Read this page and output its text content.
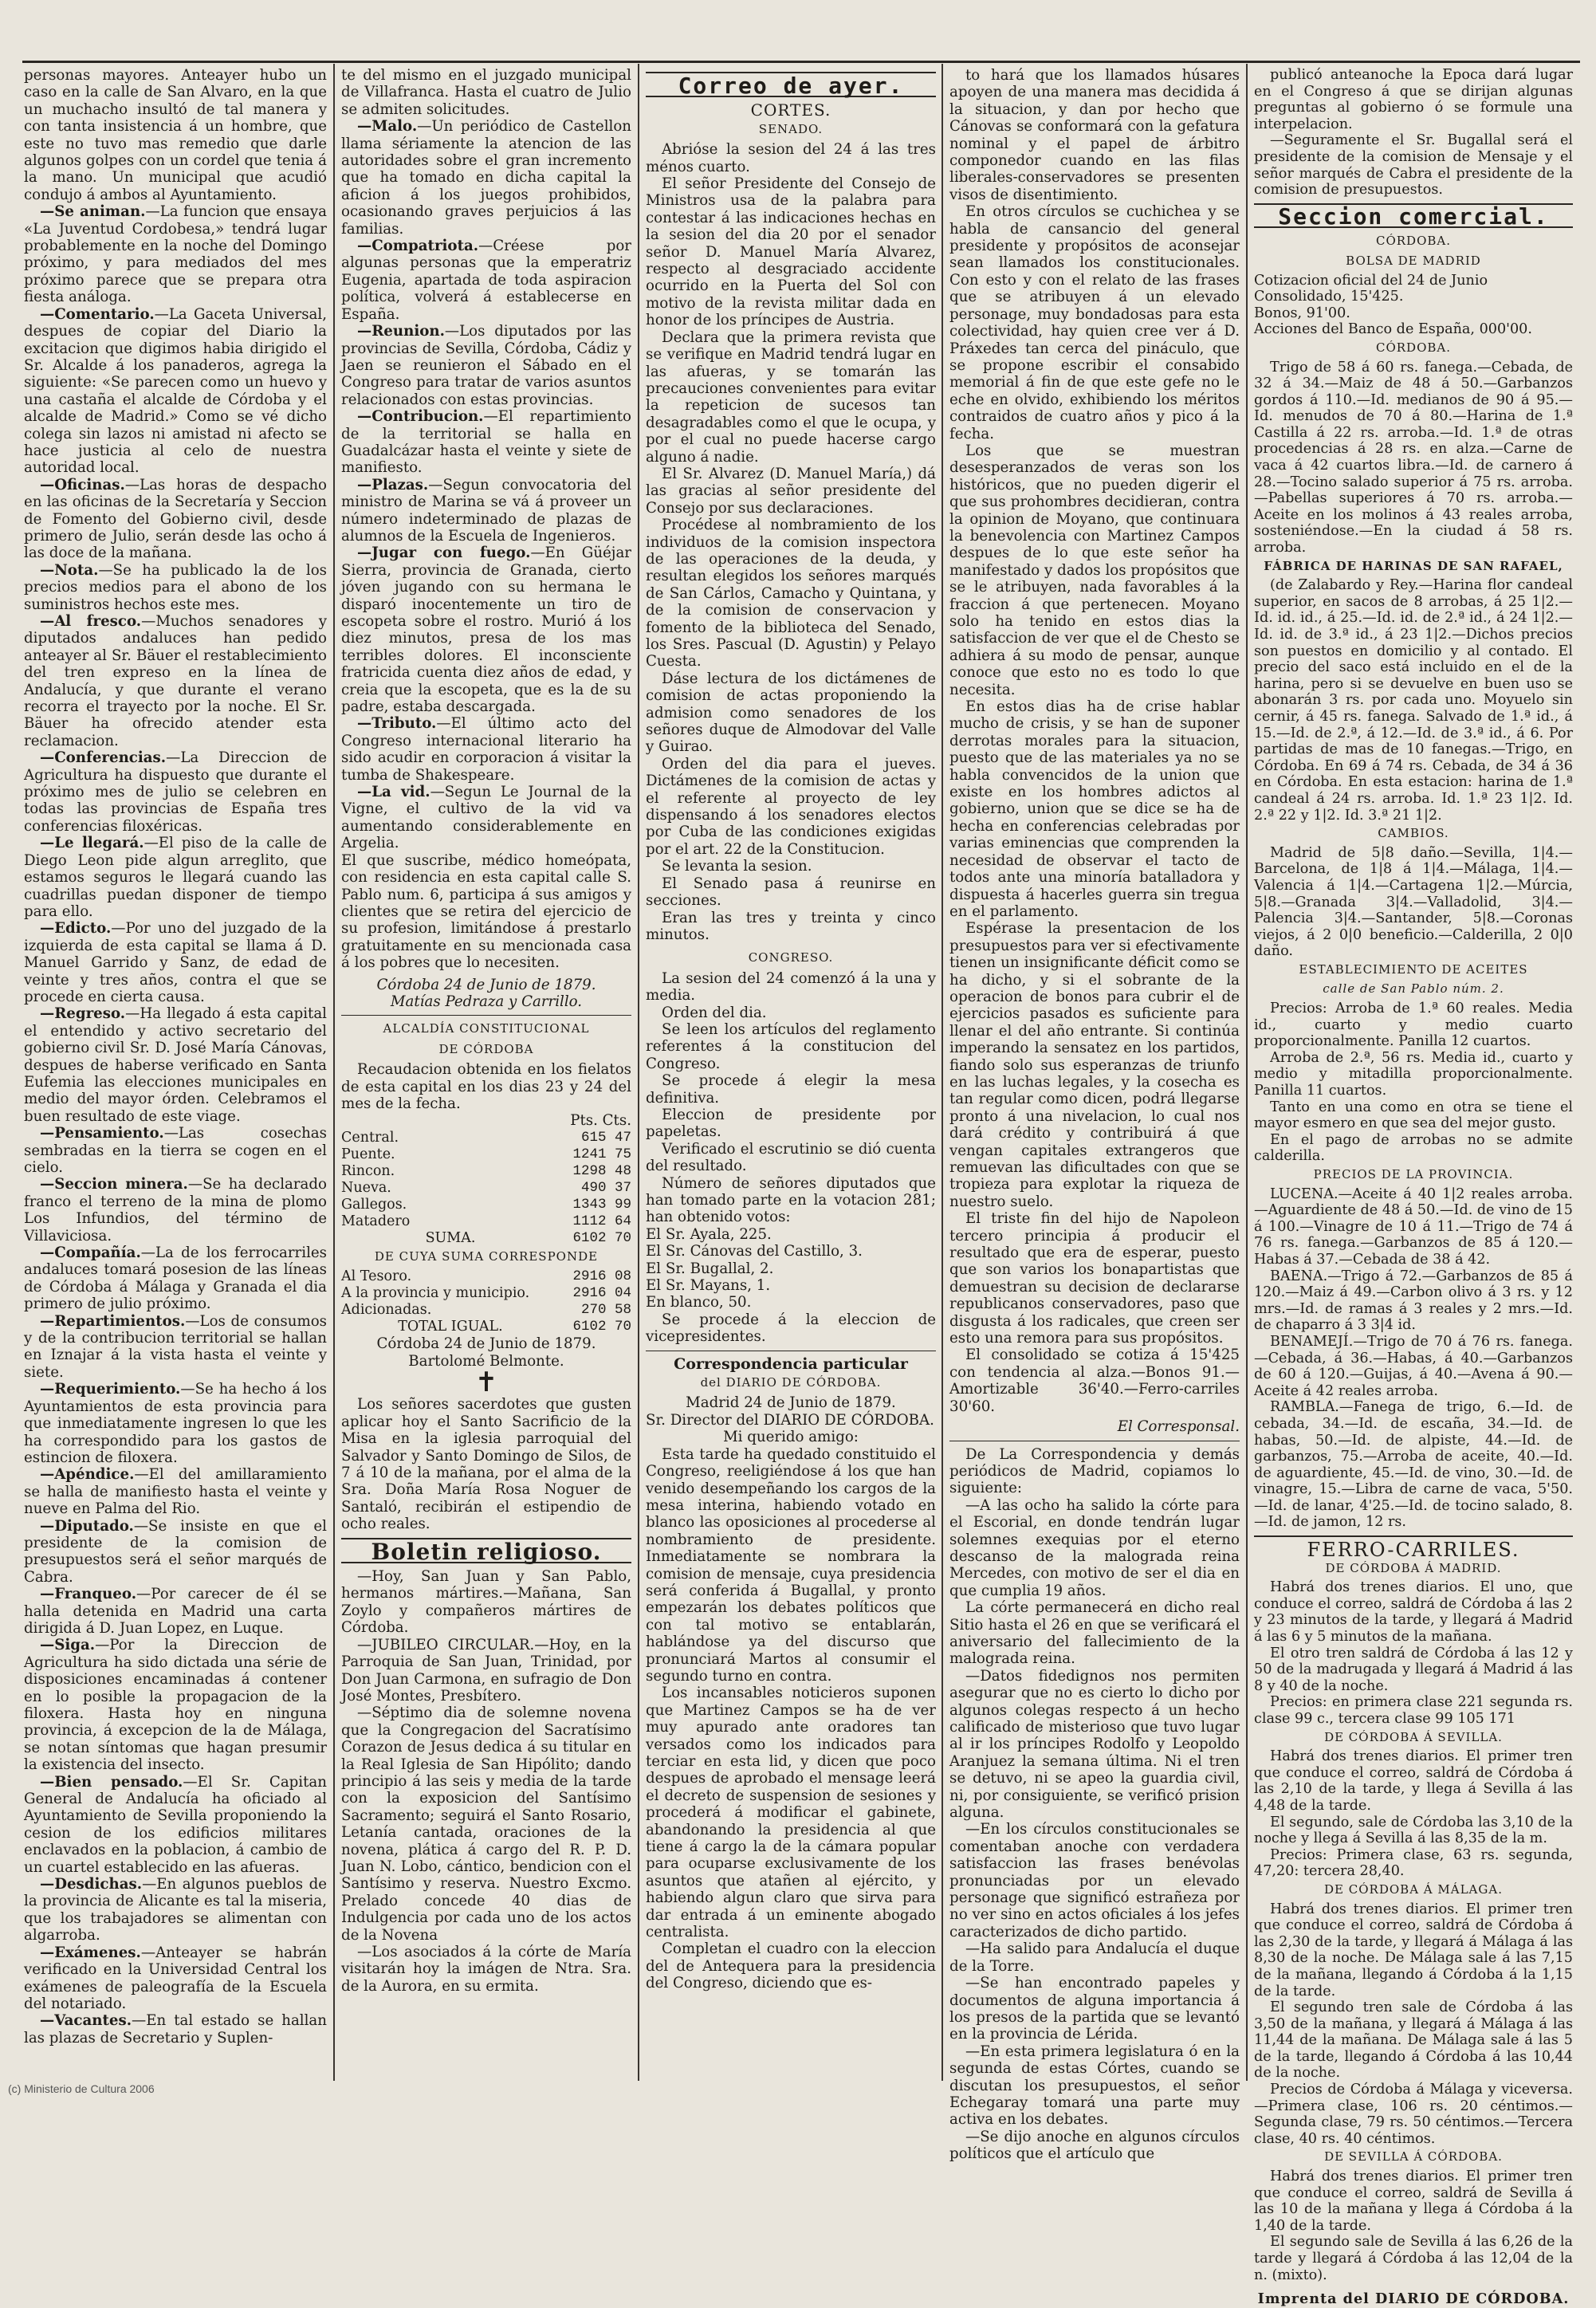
personas mayores. Anteayer hubo un caso en la calle de San Alvaro, en la que un muchacho insultó de tal manera y con tanta insistencia á un hombre, que este no tuvo mas remedio que darle algunos golpes con un cordel que tenia á la mano. Un municipal que acudió condujo á ambos al Ayuntamiento.

—Se animan.—La funcion que ensaya «La Juventud Cordobesa,» tendrá lugar probablemente en la noche del Domingo próximo, y para mediados del mes próximo parece que se prepara otra fiesta análoga.

—Comentario.—La Gaceta Universal, despues de copiar del Diario la excitacion que digimos habia dirigido el Sr. Alcalde á los panaderos, agrega la siguiente: «Se parecen como un huevo y una castaña el alcalde de Córdoba y el alcalde de Madrid.» Como se vé dicho colega sin lazos ni amistad ni afecto se hace justicia al celo de nuestra autoridad local.

—Oficinas.—Las horas de despacho en las oficinas de la Secretaría y Seccion de Fomento del Gobierno civil, desde primero de Julio, serán desde las ocho á las doce de la mañana.

—Nota.—Se ha publicado la de los precios medios para el abono de los suministros hechos este mes.

—Al fresco.—Muchos senadores y diputados andaluces han pedido anteayer al Sr. Bäuer el restablecimiento del tren expreso en la línea de Andalucía, y que durante el verano recorra el trayecto por la noche. El Sr. Bäuer ha ofrecido atender esta reclamacion.

—Conferencias.—La Direccion de Agricultura ha dispuesto que durante el próximo mes de julio se celebren en todas las provincias de España tres conferencias filoxéricas.

—Le llegará.—El piso de la calle de Diego Leon pide algun arreglito, que estamos seguros le llegará cuando las cuadrillas puedan disponer de tiempo para ello.

—Edicto.—Por uno del juzgado de la izquierda de esta capital se llama á D. Manuel Garrido y Sanz, de edad de veinte y tres años, contra el que se procede en cierta causa.

—Regreso.—Ha llegado á esta capital el entendido y activo secretario del gobierno civil Sr. D. José María Cánovas, despues de haberse verificado en Santa Eufemia las elecciones municipales en medio del mayor órden. Celebramos el buen resultado de este viage.

—Pensamiento.—Las cosechas sembradas en la tierra se cogen en el cielo.

—Seccion minera.—Se ha declarado franco el terreno de la mina de plomo Los Infundios, del término de Villaviciosa.

—Compañía.—La de los ferrocarriles andaluces tomará posesion de las líneas de Córdoba á Málaga y Granada el dia primero de julio próximo.

—Repartimientos.—Los de consumos y de la contribucion territorial se hallan en Iznajar á la vista hasta el veinte y siete.

—Requerimiento.—Se ha hecho á los Ayuntamientos de esta provincia para que inmediatamente ingresen lo que les ha correspondido para los gastos de estincion de filoxera.

—Apéndice.—El del amillaramiento se halla de manifiesto hasta el veinte y nueve en Palma del Rio.

—Diputado.—Se insiste en que el presidente de la comision de presupuestos será el señor marqués de Cabra.

—Franqueo.—Por carecer de él se halla detenida en Madrid una carta dirigida á D. Juan Lopez, en Luque.

—Siga.—Por la Direccion de Agricultura ha sido dictada una série de disposiciones encaminadas á contener en lo posible la propagacion de la filoxera. Hasta hoy en ninguna provincia, á excepcion de la de Málaga, se notan síntomas que hagan presumir la existencia del insecto.

—Bien pensado.—El Sr. Capitan General de Andalucía ha oficiado al Ayuntamiento de Sevilla proponiendo la cesion de los edificios militares enclavados en la poblacion, á cambio de un cuartel establecido en las afueras.

—Desdichas.—En algunos pueblos de la provincia de Alicante es tal la miseria, que los trabajadores se alimentan con algarroba.

—Exámenes.—Anteayer se habrán verificado en la Universidad Central los exámenes de paleografía de la Escuela del notariado.

—Vacantes.—En tal estado se hallan las plazas de Secretario y Suplen-

te del mismo en el juzgado municipal de Villafranca. Hasta el cuatro de Julio se admiten solicitudes.

—Malo.—Un periódico de Castellon llama sériamente la atencion de las autoridades sobre el gran incremento que ha tomado en dicha capital la aficion á los juegos prohibidos, ocasionando graves perjuicios á las familias.

—Compatriota.—Créese por algunas personas que la emperatriz Eugenia, apartada de toda aspiracion política, volverá á establecerse en España.

—Reunion.—Los diputados por las provincias de Sevilla, Córdoba, Cádiz y Jaen se reunieron el Sábado en el Congreso para tratar de varios asuntos relacionados con estas provincias.

—Contribucion.—El repartimiento de la territorial se halla en Guadalcázar hasta el veinte y siete de manifiesto.

—Plazas.—Segun convocatoria del ministro de Marina se vá á proveer un número indeterminado de plazas de alumnos de la Escuela de Ingenieros.

—Jugar con fuego.—En Güéjar Sierra, provincia de Granada, cierto jóven jugando con su hermana le disparó inocentemente un tiro de escopeta sobre el rostro. Murió á los diez minutos, presa de los mas terribles dolores. El inconsciente fratricida cuenta diez años de edad, y creia que la escopeta, que es la de su padre, estaba descargada.

—Tributo.—El último acto del Congreso internacional literario ha sido acudir en corporacion á visitar la tumba de Shakespeare.

—La vid.—Segun Le Journal de la Vigne, el cultivo de la vid va aumentando considerablemente en Argelia.

El que suscribe, médico homeópata, con residencia en esta capital calle S. Pablo num. 6, participa á sus amigos y clientes que se retira del ejercicio de su profesion, limitándose á prestarlo gratuitamente en su mencionada casa á los pobres que lo necesiten.

Córdoba 24 de Junio de 1879.

Matías Pedraza y Carrillo.

ALCALDÍA CONSTITUCIONAL
DE CÓRDOBA

Recaudacion obtenida en los fielatos de esta capital en los dias 23 y 24 del mes de la fecha.

Pts. Cts.

Central.	615 47
Puente.	1241 75
Rincon.	1298 48
Nueva.	490 37
Gallegos.	1343 99
Matadero	1112 64
SUMA.	6102 70
DE CUYA SUMA CORRESPONDE
Al Tesoro.	2916 08
A la provincia y municipio.	2916 04
Adicionadas.	270 58
TOTAL IGUAL.	6102 70

Córdoba 24 de Junio de 1879.

Bartolomé Belmonte.

✝

Los señores sacerdotes que gusten aplicar hoy el Santo Sacrificio de la Misa en la iglesia parroquial del Salvador y Santo Domingo de Silos, de 7 á 10 de la mañana, por el alma de la Sra. Doña María Rosa Noguer de Santaló, recibirán el estipendio de ocho reales.

Boletin religioso.

—Hoy, San Juan y San Pablo, hermanos mártires.—Mañana, San Zoylo y compañeros mártires de Córdoba.

—JUBILEO CIRCULAR.—Hoy, en la Parroquia de San Juan, Trinidad, por Don Juan Carmona, en sufragio de Don José Montes, Presbítero.

—Séptimo dia de solemne novena que la Congregacion del Sacratísimo Corazon de Jesus dedica á su titular en la Real Iglesia de San Hipólito; dando principio á las seis y media de la tarde con la exposicion del Santísimo Sacramento; seguirá el Santo Rosario, Letanía cantada, oraciones de la novena, plática á cargo del R. P. D. Juan N. Lobo, cántico, bendicion con el Santísimo y reserva. Nuestro Excmo. Prelado concede 40 dias de Indulgencia por cada uno de los actos de la Novena

—Los asociados á la córte de María visitarán hoy la imágen de Ntra. Sra. de la Aurora, en su ermita.

Correo de ayer.
CORTES.
SENADO.

Abrióse la sesion del 24 á las tres ménos cuarto.

El señor Presidente del Consejo de Ministros usa de la palabra para contestar á las indicaciones hechas en la sesion del dia 20 por el senador señor D. Manuel María Alvarez, respecto al desgraciado accidente ocurrido en la Puerta del Sol con motivo de la revista militar dada en honor de los príncipes de Austria.

Declara que la primera revista que se verifique en Madrid tendrá lugar en las afueras, y se tomarán las precauciones convenientes para evitar la repeticion de sucesos tan desagradables como el que le ocupa, y por el cual no puede hacerse cargo alguno á nadie.

El Sr. Alvarez (D. Manuel María,) dá las gracias al señor presidente del Consejo por sus declaraciones.

Procédese al nombramiento de los individuos de la comision inspectora de las operaciones de la deuda, y resultan elegidos los señores marqués de San Cárlos, Camacho y Quintana, y de la comision de conservacion y fomento de la biblioteca del Senado, los Sres. Pascual (D. Agustin) y Pelayo Cuesta.

Dáse lectura de los dictámenes de comision de actas proponiendo la admision como senadores de los señores duque de Almodovar del Valle y Guirao.

Orden del dia para el jueves. Dictámenes de la comision de actas y el referente al proyecto de ley dispensando á los senadores electos por Cuba de las condiciones exigidas por el art. 22 de la Constitucion.

Se levanta la sesion.

El Senado pasa á reunirse en secciones.

Eran las tres y treinta y cinco minutos.

CONGRESO.

La sesion del 24 comenzó á la una y media.

Orden del dia.

Se leen los artículos del reglamento referentes á la constitucion del Congreso.

Se procede á elegir la mesa definitiva.

Eleccion de presidente por papeletas.

Verificado el escrutinio se dió cuenta del resultado.

Número de señores diputados que han tomado parte en la votacion 281; han obtenido votos:

El Sr. Ayala, 225.

El Sr. Cánovas del Castillo, 3.

El Sr. Bugallal, 2.

El Sr. Mayans, 1.

En blanco, 50.

Se procede á la eleccion de vicepresidentes.

Correspondencia particular
del DIARIO DE CÓRDOBA.

Madrid 24 de Junio de 1879.

Sr. Director del DIARIO DE CÓRDOBA.

Mi querido amigo:

Esta tarde ha quedado constituido el Congreso, reeligiéndose á los que han venido desempeñando los cargos de la mesa interina, habiendo votado en blanco las oposiciones al procederse al nombramiento de presidente. Inmediatamente se nombrara la comision de mensaje, cuya presidencia será conferida á Bugallal, y pronto empezarán los debates políticos que con tal motivo se entablarán, hablándose ya del discurso que pronunciará Martos al consumir el segundo turno en contra.

Los incansables noticieros suponen que Martinez Campos se ha de ver muy apurado ante oradores tan versados como los indicados para terciar en esta lid, y dicen que poco despues de aprobado el mensage leerá el decreto de suspension de sesiones y procederá á modificar el gabinete, abandonando la presidencia al que tiene á cargo la de la cámara popular para ocuparse exclusivamente de los asuntos que atañen al ejército, y habiendo algun claro que sirva para dar entrada á un eminente abogado centralista.

Completan el cuadro con la eleccion del de Antequera para la presidencia del Congreso, diciendo que es-

to hará que los llamados húsares apoyen de una manera mas decidida á la situacion, y dan por hecho que Cánovas se conformará con la gefatura nominal y el papel de árbitro componedor cuando en las filas liberales-conservadores se presenten visos de disentimiento.

En otros círculos se cuchichea y se habla de cansancio del general presidente y propósitos de aconsejar sean llamados los constitucionales. Con esto y con el relato de las frases que se atribuyen á un elevado personage, muy bondadosas para esta colectividad, hay quien cree ver á D. Práxedes tan cerca del pináculo, que se propone escribir el consabido memorial á fin de que este gefe no le eche en olvido, exhibiendo los méritos contraidos de cuatro años y pico á la fecha.

Los que se muestran desesperanzados de veras son los históricos, que no pueden digerir el que sus prohombres decidieran, contra la opinion de Moyano, que continuara la benevolencia con Martinez Campos despues de lo que este señor ha manifestado y dados los propósitos que se le atribuyen, nada favorables á la fraccion á que pertenecen. Moyano solo ha tenido en estos dias la satisfaccion de ver que el de Chesto se adhiera á su modo de pensar, aunque conoce que esto no es todo lo que necesita.

En estos dias ha de crise hablar mucho de crisis, y se han de suponer derrotas morales para la situacion, puesto que de las materiales ya no se habla convencidos de la union que existe en los hombres adictos al gobierno, union que se dice se ha de hecha en conferencias celebradas por varias eminencias que comprenden la necesidad de observar el tacto de todos ante una minoría batalladora y dispuesta á hacerles guerra sin tregua en el parlamento.

Espérase la presentacion de los presupuestos para ver si efectivamente tienen un insignificante déficit como se ha dicho, y si el sobrante de la operacion de bonos para cubrir el de ejercicios pasados es suficiente para llenar el del año entrante. Si continúa imperando la sensatez en los partidos, fiando solo sus esperanzas de triunfo en las luchas legales, y la cosecha es tan regular como dicen, podrá llegarse pronto á una nivelacion, lo cual nos dará crédito y contribuirá á que vengan capitales extrangeros que remuevan las dificultades con que se tropieza para explotar la riqueza de nuestro suelo.

El triste fin del hijo de Napoleon tercero principia á producir el resultado que era de esperar, puesto que son varios los bonapartistas que demuestran su decision de declararse republicanos conservadores, paso que disgusta á los radicales, que creen ser esto una remora para sus propósitos.

El consolidado se cotiza á 15'425 con tendencia al alza.—Bonos 91.—Amortizable 36'40.—Ferro-carriles 30'60.

El Corresponsal.

De La Correspondencia y demás periódicos de Madrid, copiamos lo siguiente:

—A las ocho ha salido la córte para el Escorial, en donde tendrán lugar solemnes exequias por el eterno descanso de la malograda reina Mercedes, con motivo de ser el dia en que cumplia 19 años.

La córte permanecerá en dicho real Sitio hasta el 26 en que se verificará el aniversario del fallecimiento de la malograda reina.

—Datos fidedignos nos permiten asegurar que no es cierto lo dicho por algunos colegas respecto á un hecho calificado de misterioso que tuvo lugar al ir los príncipes Rodolfo y Leopoldo Aranjuez la semana última. Ni el tren se detuvo, ni se apeo la guardia civil, ni, por consiguiente, se verificó prision alguna.

—En los círculos constitucionales se comentaban anoche con verdadera satisfaccion las frases benévolas pronunciadas por un elevado personage que significó estrañeza por no ver sino en actos oficiales á los jefes caracterizados de dicho partido.

—Ha salido para Andalucía el duque de la Torre.

—Se han encontrado papeles y documentos de alguna importancia á los presos de la partida que se levantó en la provincia de Lérida.

—En esta primera legislatura ó en la segunda de estas Córtes, cuando se discutan los presupuestos, el señor Echegaray tomará una parte muy activa en los debates.

—Se dijo anoche en algunos círculos políticos que el artículo que

publicó anteanoche la Epoca dará lugar en el Congreso á que se dirijan algunas preguntas al gobierno ó se formule una interpelacion.

—Seguramente el Sr. Bugallal será el presidente de la comision de Mensaje y el señor marqués de Cabra el presidente de la comision de presupuestos.

Seccion comercial.
CÓRDOBA.
BOLSA DE MADRID

Cotizacion oficial del 24 de Junio

Consolidado, 15'425.

Bonos, 91'00.

Acciones del Banco de España, 000'00.

CÓRDOBA.

Trigo de 58 á 60 rs. fanega.—Cebada, de 32 á 34.—Maiz de 48 á 50.—Garbanzos gordos á 110.—Id. medianos de 90 á 95.—Id. menudos de 70 á 80.—Harina de 1.ª Castilla á 22 rs. arroba.—Id. 1.ª de otras procedencias á 28 rs. en alza.—Carne de vaca á 42 cuartos libra.—Id. de carnero á 28.—Tocino salado superior á 75 rs. arroba.—Pabellas superiores á 70 rs. arroba.—Aceite en los molinos á 43 reales arroba, sosteniéndose.—En la ciudad á 58 rs. arroba.

FÁBRICA DE HARINAS DE SAN RAFAEL,

(de Zalabardo y Rey.—Harina flor candeal superior, en sacos de 8 arrobas, á 25 1|2.—Id. id. id., á 25.—Id. id. de 2.ª id., á 24 1|2.—Id. id. de 3.ª id., á 23 1|2.—Dichos precios son puestos en domicilio y al contado. El precio del saco está incluido en el de la harina, pero si se devuelve en buen uso se abonarán 3 rs. por cada uno. Moyuelo sin cernir, á 45 rs. fanega. Salvado de 1.ª id., á 15.—Id. de 2.ª, á 12.—Id. de 3.ª id., á 6. Por partidas de mas de 10 fanegas.—Trigo, en Córdoba. En 69 á 74 rs. Cebada, de 34 á 36 en Córdoba. En esta estacion: harina de 1.ª candeal á 24 rs. arroba. Id. 1.ª 23 1|2. Id. 2.ª 22 y 1|2. Id. 3.ª 21 1|2.

CAMBIOS.

Madrid de 5|8 daño.—Sevilla, 1|4.—Barcelona, de 1|8 á 1|4.—Málaga, 1|4.—Valencia á 1|4.—Cartagena 1|2.—Múrcia, 5|8.—Granada 3|4.—Valladolid, 3|4.—Palencia 3|4.—Santander, 5|8.—Coronas viejos, á 2 0|0 beneficio.—Calderilla, 2 0|0 daño.

ESTABLECIMIENTO DE ACEITES
calle de San Pablo núm. 2.

Precios: Arroba de 1.ª 60 reales. Media id., cuarto y medio cuarto proporcionalmente. Panilla 12 cuartos.

Arroba de 2.ª, 56 rs. Media id., cuarto y medio y mitadilla proporcionalmente. Panilla 11 cuartos.

Tanto en una como en otra se tiene el mayor esmero en que sea del mejor gusto.

En el pago de arrobas no se admite calderilla.

PRECIOS DE LA PROVINCIA.

LUCENA.—Aceite á 40 1|2 reales arroba.—Aguardiente de 48 á 50.—Id. de vino de 15 á 100.—Vinagre de 10 á 11.—Trigo de 74 á 76 rs. fanega.—Garbanzos de 85 á 120.—Habas á 37.—Cebada de 38 á 42.

BAENA.—Trigo á 72.—Garbanzos de 85 á 120.—Maiz á 49.—Carbon olivo á 3 rs. y 12 mrs.—Id. de ramas á 3 reales y 2 mrs.—Id. de chaparro á 3 3|4 id.

BENAMEJÍ.—Trigo de 70 á 76 rs. fanega.—Cebada, á 36.—Habas, á 40.—Garbanzos de 60 á 120.—Guijas, á 40.—Avena á 90.—Aceite á 42 reales arroba.

RAMBLA.—Fanega de trigo, 6.—Id. de cebada, 34.—Id. de escaña, 34.—Id. de habas, 50.—Id. de alpiste, 44.—Id. de garbanzos, 75.—Arroba de aceite, 40.—Id. de aguardiente, 45.—Id. de vino, 30.—Id. de vinagre, 15.—Libra de carne de vaca, 5'50.—Id. de lanar, 4'25.—Id. de tocino salado, 8.—Id. de jamon, 12 rs.

FERRO-CARRILES.
DE CÓRDOBA Á MADRID.

Habrá dos trenes diarios. El uno, que conduce el correo, saldrá de Córdoba á las 2 y 23 minutos de la tarde, y llegará á Madrid á las 6 y 5 minutos de la mañana.

El otro tren saldrá de Córdoba á las 12 y 50 de la madrugada y llegará á Madrid á las 8 y 40 de la noche.

Precios: en primera clase 221 segunda rs. clase 99 c., tercera clase 99 105 171

DE CÓRDOBA Á SEVILLA.

Habrá dos trenes diarios. El primer tren que conduce el correo, saldrá de Córdoba á las 2,10 de la tarde, y llega á Sevilla á las 4,48 de la tarde.

El segundo, sale de Córdoba las 3,10 de la noche y llega á Sevilla á las 8,35 de la m.

Precios: Primera clase, 63 rs. segunda, 47,20: tercera 28,40.

DE CÓRDOBA Á MÁLAGA.

Habrá dos trenes diarios. El primer tren que conduce el correo, saldrá de Córdoba á las 2,30 de la tarde, y llegará á Málaga á las 8,30 de la noche. De Málaga sale á las 7,15 de la mañana, llegando á Córdoba á la 1,15 de la tarde.

El segundo tren sale de Córdoba á las 3,50 de la mañana, y llegará á Málaga á las 11,44 de la mañana. De Málaga sale á las 5 de la tarde, llegando á Córdoba á las 10,44 de la noche.

Precios de Córdoba á Málaga y viceversa.—Primera clase, 106 rs. 20 céntimos.—Segunda clase, 79 rs. 50 céntimos.—Tercera clase, 40 rs. 40 céntimos.

DE SEVILLA Á CÓRDOBA.

Habrá dos trenes diarios. El primer tren que conduce el correo, saldrá de Sevilla á las 10 de la mañana y llega á Córdoba á la 1,40 de la tarde.

El segundo sale de Sevilla á las 6,26 de la tarde y llegará á Córdoba á las 12,04 de la n. (mixto).

Imprenta del DIARIO DE CÓRDOBA.
(c) Ministerio de Cultura 2006
